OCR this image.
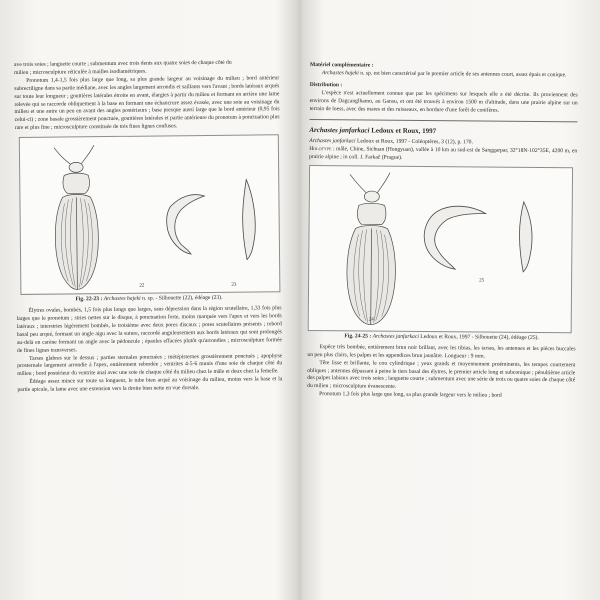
ave trois soies ; languette courte ; submentum avec trois dents aux quatre soies de chaque côté du
milieu ; microsculpture réticulée à mailles isodiamétriques.
Pronotum 1,4-1,5 fois plus large que long, sa plus grande largeur au voisinage du milieu ; bord antérieur subrectiligne dans sa partie médiane, avec les angles largement arrondis et saillants vers l'avant ; bords latéraux arqués sur toute leur longueur ; gouttières latérales étroite en avant, élargies à partir du milieu et formant en arrière une lame relevée qui se raccorde obliquement à la base en formant une échancrure assez évasée, avec une soie au voisinage du milieu et une autre un peu en avant des angles postérieurs ; base presque aussi large que le bord antérieur (0,95 fois celui-ci) ; zone basale grossièrement ponctuée, gouttières latérales et partie antérieure du pronotum à ponctuation plus rare et plus fine ; microsculpture constituée de très fines lignes confuses.
22	23
Fig. 22-23 : Archastes hajeki n. sp. - Silhouette (22), édéage (23).
Élytres ovales, bombés, 1,5 fois plus longs que larges, sans dépression dans la région scutellaire, 1,33 fois plus larges que le pronotum ; stries nettes sur le disque, à ponctuation forte, moins marquée vers l'apex et vers les bords latéraux ; interstries légèrement bombés, le troisième avec deux pores discaux ; pores scutellaires présents ; rebord basal peu arqué, formant un angle aigu avec la suture, raccordé anguleusement aux bords latéraux qui sont prolongés au-delà en carène formant un angle avec le pédoncule ; épaules effacées plutôt qu'arrondies ; microsculpture formée de fines lignes transverses.
Tarses glabres sur le dessus ; parties sternales ponctuées ; métépisternes grossièrement ponctués ; apophyse prosternale largement arrondie à l'apex, entièrement rebordée ; ventrites 4-5-6 munis d'une soie de chaque côté du milieu ; bord postérieur du ventrite anal avec une soie de chaque côté du milieu chez le mâle et deux chez la femelle.
Édéage assez mince sur toute sa longueur, le tube bien arqué au voisinage du milieu, moins vers la base et la partie apicale, la lame avec une extension vers la droite bien nette en vue dorsale.
Matériel complémentaire :
Archastes hajeki n. sp. est bien caractérisé par le premier article de ses antennes court, assez épais et conique.
Distribution :
L'espèce n'est actuellement connue que par les spécimens sur lesquels elle a été décrite. Ils proviennent des environs de Dagcanglhamo, au Gansu, et ont été trouvés à environ 1500 m d'altitude, dans une prairie alpine sur un terrain de loess, avec des mares et des ruisseaux, en bordure d'une forêt de conifères.
Archastes janfarkaci Ledoux et Roux, 1997
Archastes janfarkaci Ledoux et Roux, 1997 - Coléoptères, 3 (12), p. 170.
Holotype : mâle, Chine, Sichuan (Hongyuan), vallée à 10 km au sud-est de Sanggarpar, 32°18N-102°35E, 4200 m, en prairie alpine ; in coll. J. Farkač (Prague).
24
25
Fig. 24-25 : Archastes janfarkaci Ledoux et Roux, 1997 - Silhouette (24), édéage (25).
Espèce très bombée, entièrement brun noir brillant, avec les tibias, les tarses, les antennes et les pièces buccales un peu plus clairs, les palpes et les appendices brun jaunâtre. Longueur : 9 mm.
Tête lisse et brillante, le cou cylindrique ; yeux grands et moyennement proéminents, les tempes courtement obliques ; antennes dépassant à peine le tiers basal des élytres, le premier article long et subconique ; pénultième article des palpes labiaux avec trois soies ; languette courte ; submentum avec une série de trois ou quatre soies de chaque côté du milieu ; microsculpture évanescente.
Pronotum 1,3 fois plus large que long, sa plus grande largeur vers le milieu ; bord
